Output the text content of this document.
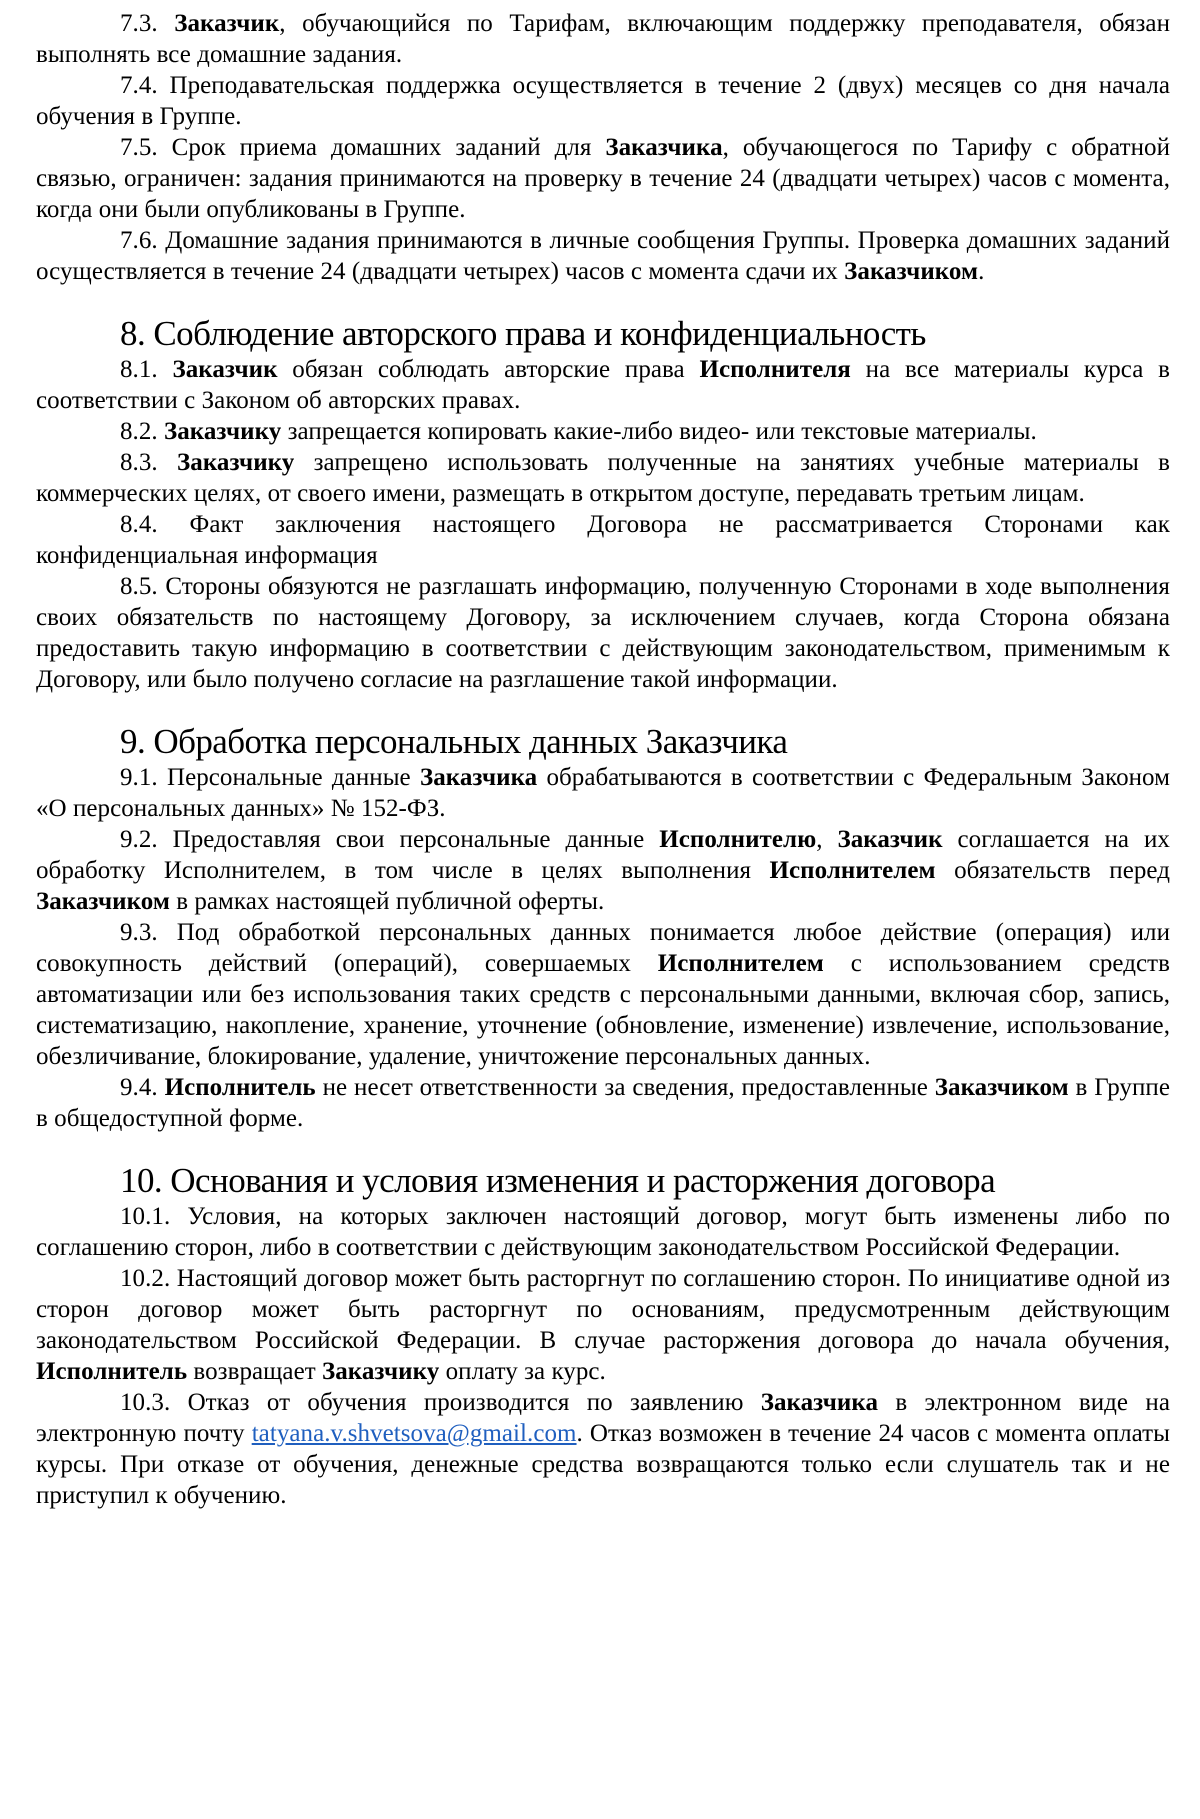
7.3. Заказчик, обучающийся по Тарифам, включающим поддержку преподавателя, обязан выполнять все домашние задания.

7.4. Преподавательская поддержка осуществляется в течение 2 (двух) месяцев со дня начала обучения в Группе.

7.5. Срок приема домашних заданий для Заказчика, обучающегося по Тарифу с обратной связью, ограничен: задания принимаются на проверку в течение 24 (двадцати четырех) часов с момента, когда они были опубликованы в Группе.

7.6. Домашние задания принимаются в личные сообщения Группы. Проверка домашних заданий осуществляется в течение 24 (двадцати четырех) часов с момента сдачи их Заказчиком.

8. Соблюдение авторского права и конфиденциальность

8.1. Заказчик обязан соблюдать авторские права Исполнителя на все материалы курса в соответствии с Законом об авторских правах.

8.2. Заказчику запрещается копировать какие-либо видео- или текстовые материалы.

8.3. Заказчику запрещено использовать полученные на занятиях учебные материалы в коммерческих целях, от своего имени, размещать в открытом доступе, передавать третьим лицам.

8.4. Факт заключения настоящего Договора не рассматривается Сторонами как конфиденциальная информация

8.5. Стороны обязуются не разглашать информацию, полученную Сторонами в ходе выполнения своих обязательств по настоящему Договору, за исключением случаев, когда Сторона обязана предоставить такую информацию в соответствии с действующим законодательством, применимым к Договору, или было получено согласие на разглашение такой информации.

9. Обработка персональных данных Заказчика

9.1. Персональные данные Заказчика обрабатываются в соответствии с Федеральным Законом «О персональных данных» № 152-ФЗ.

9.2. Предоставляя свои персональные данные Исполнителю, Заказчик соглашается на их обработку Исполнителем, в том числе в целях выполнения Исполнителем обязательств перед Заказчиком в рамках настоящей публичной оферты.

9.3. Под обработкой персональных данных понимается любое действие (операция) или совокупность действий (операций), совершаемых Исполнителем с использованием средств автоматизации или без использования таких средств с персональными данными, включая сбор, запись, систематизацию, накопление, хранение, уточнение (обновление, изменение) извлечение, использование, обезличивание, блокирование, удаление, уничтожение персональных данных.

9.4. Исполнитель не несет ответственности за сведения, предоставленные Заказчиком в Группе в общедоступной форме.

10. Основания и условия изменения и расторжения договора

10.1. Условия, на которых заключен настоящий договор, могут быть изменены либо по соглашению сторон, либо в соответствии с действующим законодательством Российской Федерации.

10.2. Настоящий договор может быть расторгнут по соглашению сторон. По инициативе одной из сторон договор может быть расторгнут по основаниям, предусмотренным действующим законодательством Российской Федерации. В случае расторжения договора до начала обучения, Исполнитель возвращает Заказчику оплату за курс.

10.3. Отказ от обучения производится по заявлению Заказчика в электронном виде на электронную почту tatyana.v.shvetsova@gmail.com. Отказ возможен в течение 24 часов с момента оплаты курсы. При отказе от обучения, денежные средства возвращаются только если слушатель так и не приступил к обучению.
